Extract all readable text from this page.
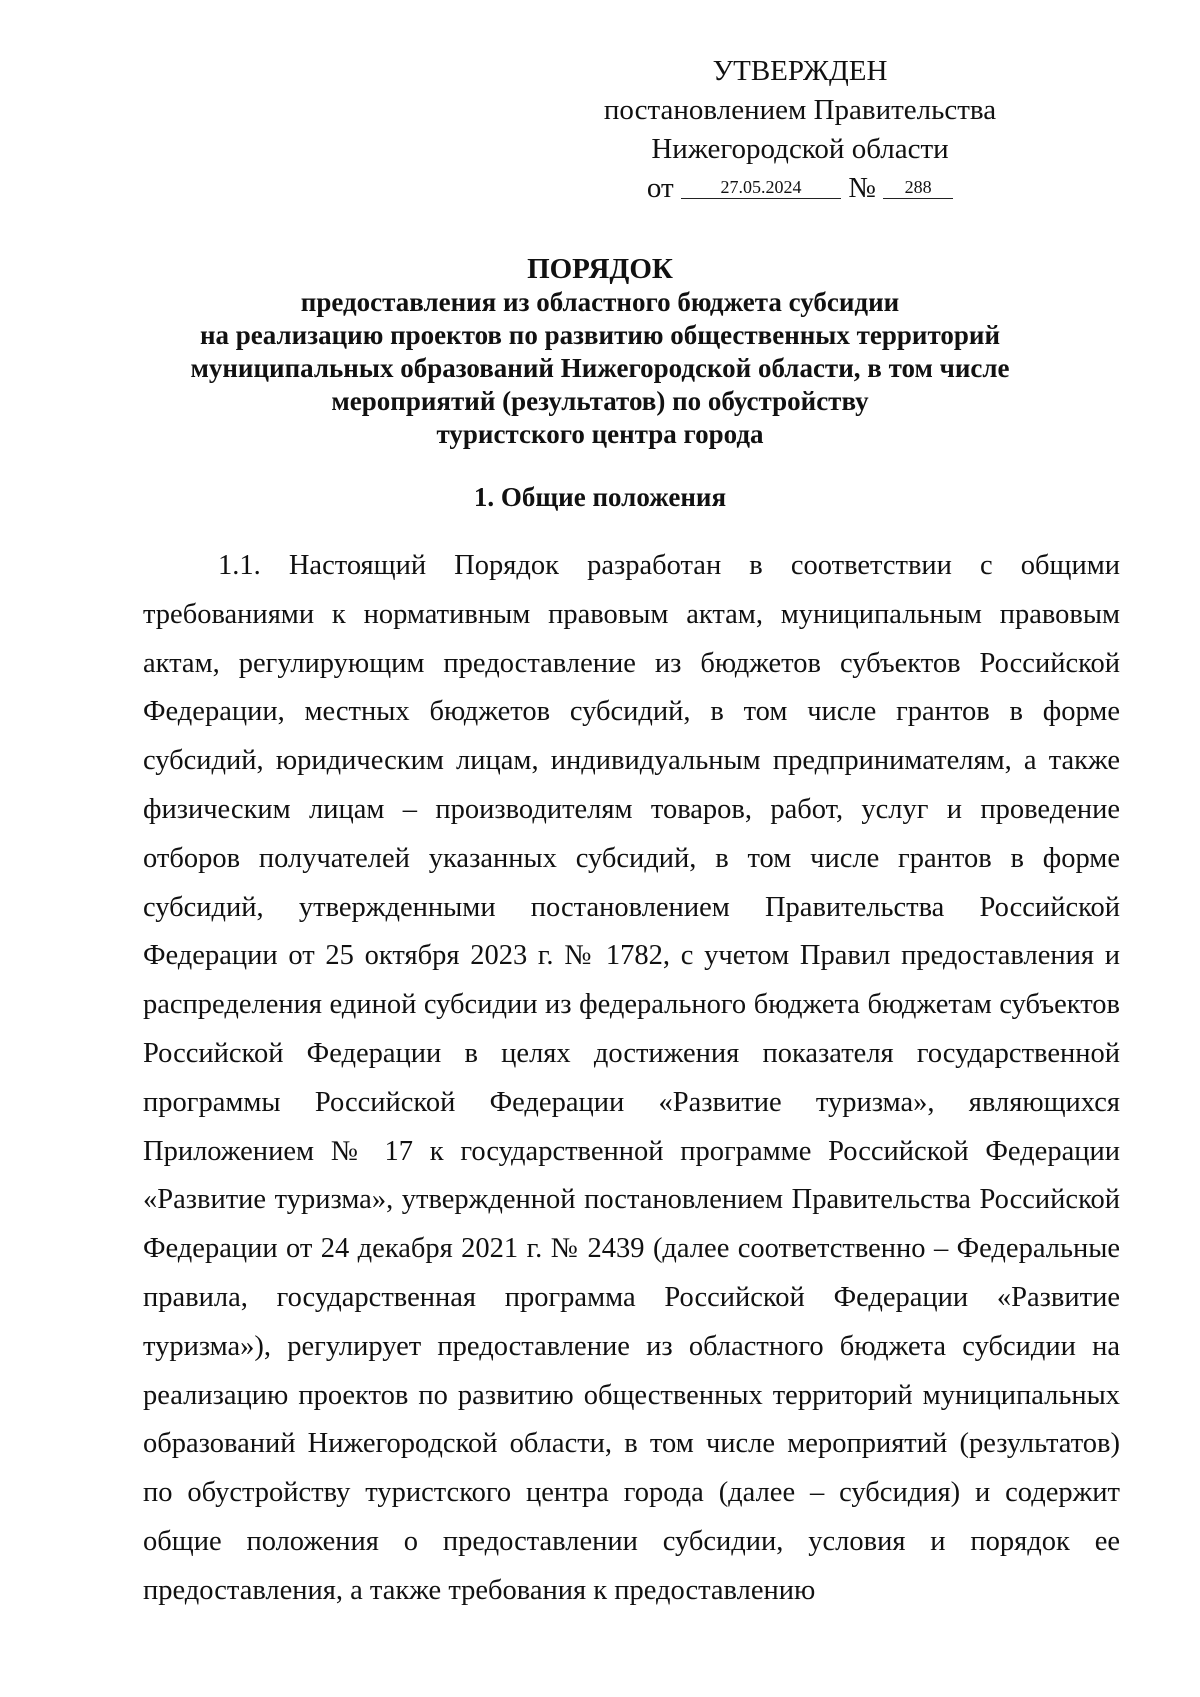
УТВЕРЖДЕН
постановлением Правительства
Нижегородской области
от	27.05.2024 № 288
ПОРЯДОК
предоставления из областного бюджета субсидии
на реализацию проектов по развитию общественных территорий
муниципальных образований Нижегородской области, в том числе
мероприятий (результатов) по обустройству
туристского центра города
1. Общие положения
1.1. Настоящий Порядок разработан в соответствии с общими требованиями к нормативным правовым актам, муниципальным правовым актам, регулирующим предоставление из бюджетов субъектов Российской Федерации, местных бюджетов субсидий, в том числе грантов в форме субсидий, юридическим лицам, индивидуальным предпринимателям, а также физическим лицам – производителям товаров, работ, услуг и проведение отборов получателей указанных субсидий, в том числе грантов в форме субсидий, утвержденными постановлением Правительства Российской Федерации от 25 октября 2023 г. № 1782, с учетом Правил предоставления и распределения единой субсидии из федерального бюджета бюджетам субъектов Российской Федерации в целях достижения показателя государственной программы Российской Федерации «Развитие туризма», являющихся Приложением № 17 к государственной программе Российской Федерации «Развитие туризма», утвержденной постановлением Правительства Российской Федерации от 24 декабря 2021 г. № 2439 (далее соответственно – Федеральные правила, государственная программа Российской Федерации «Развитие туризма»), регулирует предоставление из областного бюджета субсидии на реализацию проектов по развитию общественных территорий муниципальных образований Нижегородской области, в том числе мероприятий (результатов) по обустройству туристского центра города (далее – субсидия) и содержит общие положения о предоставлении субсидии, условия и порядок ее предоставления, а также требования к предоставлению
